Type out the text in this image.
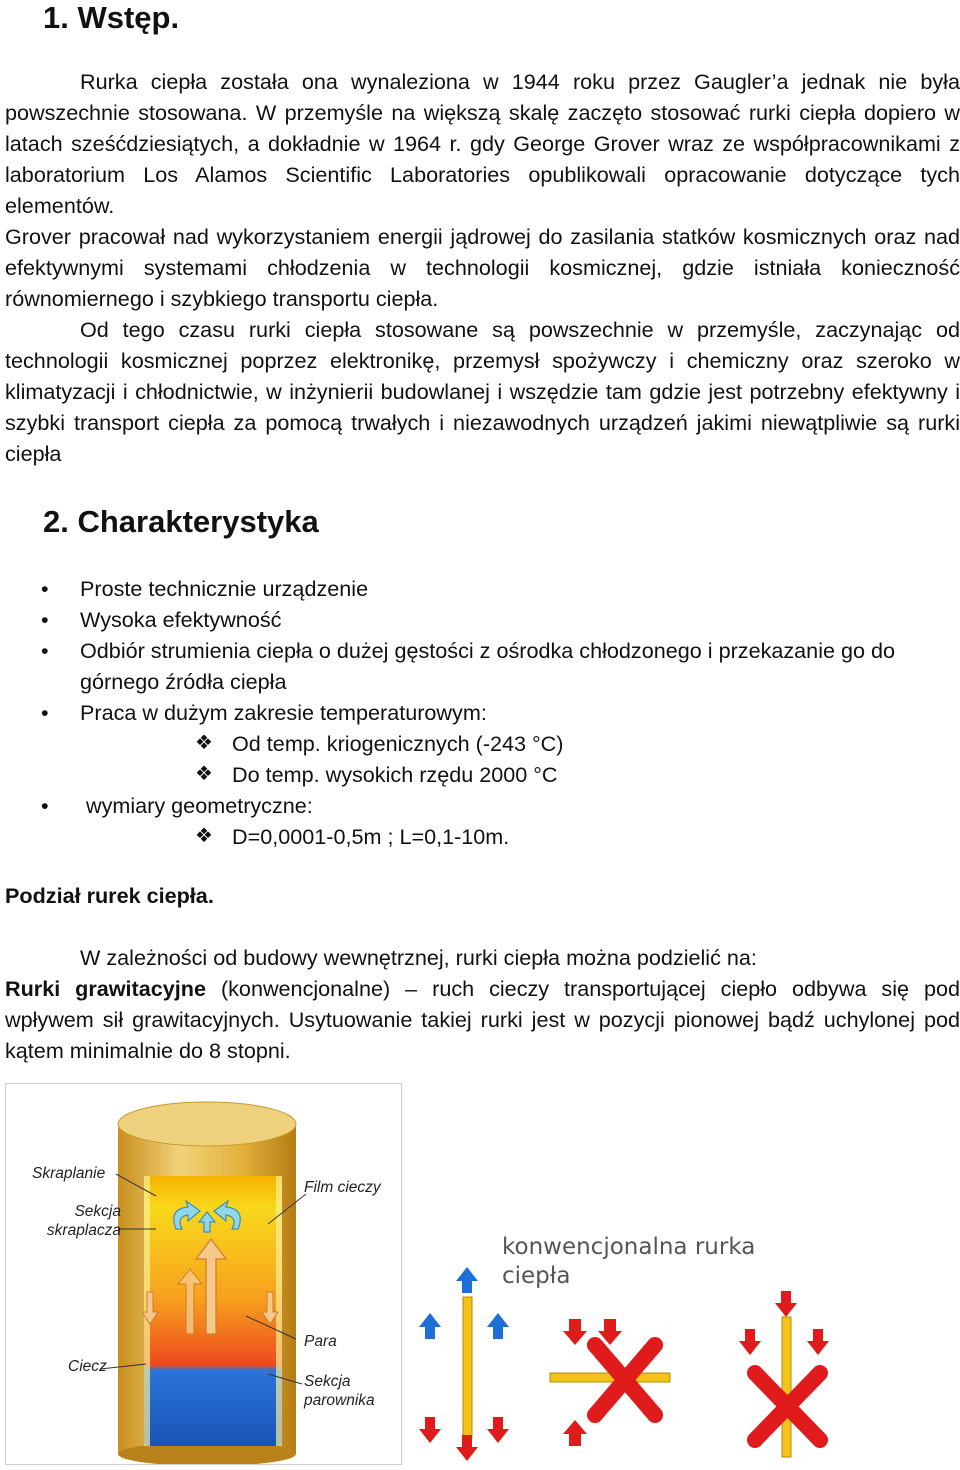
1. Wstęp.

Rurka ciepła została ona wynaleziona w 1944 roku przez Gaugler’a jednak nie była powszechnie stosowana. W przemyśle na większą skalę zaczęto stosować rurki ciepła dopiero w latach sześćdziesiątych, a dokładnie w 1964 r. gdy George Grover wraz ze współpracownikami z laboratorium Los Alamos Scientific Laboratories opublikowali opracowanie dotyczące tych elementów.

Grover pracował nad wykorzystaniem energii jądrowej do zasilania statków kosmicznych oraz nad efektywnymi systemami chłodzenia w technologii kosmicznej, gdzie istniała konieczność równomiernego i szybkiego transportu ciepła.

Od tego czasu rurki ciepła stosowane są powszechnie w przemyśle, zaczynając od technologii kosmicznej poprzez elektronikę, przemysł spożywczy i chemiczny oraz szeroko w klimatyzacji i chłodnictwie, w inżynierii budowlanej i wszędzie tam gdzie jest potrzebny efektywny i szybki transport ciepła za pomocą trwałych i niezawodnych urządzeń jakimi niewątpliwie są rurki ciepła

2. Charakterystyka
• Proste technicznie urządzenie
• Wysoka efektywność
• Odbiór strumienia ciepła o dużej gęstości z ośrodka chłodzonego i przekazanie go do górnego źródła ciepła
• Praca w dużym zakresie temperaturowym:
❖ Od temp. kriogenicznych (-243 °C)
❖ Do temp. wysokich rzędu 2000 °C
• wymiary geometryczne:
❖ D=0,0001-0,5m ; L=0,1-10m.

Podział rurek ciepła.

W zależności od budowy wewnętrznej, rurki ciepła można podzielić na:

Rurki grawitacyjne (konwencjonalne) – ruch cieczy transportującej ciepło odbywa się pod wpływem sił grawitacyjnych. Usytuowanie takiej rurki jest w pozycji pionowej bądź uchylonej pod kątem minimalnie do 8 stopni.

Skraplanie
Sekcja skraplacza
Film cieczy
Para
Ciecz
Sekcja parownika
konwencjonalna rurka ciepła
